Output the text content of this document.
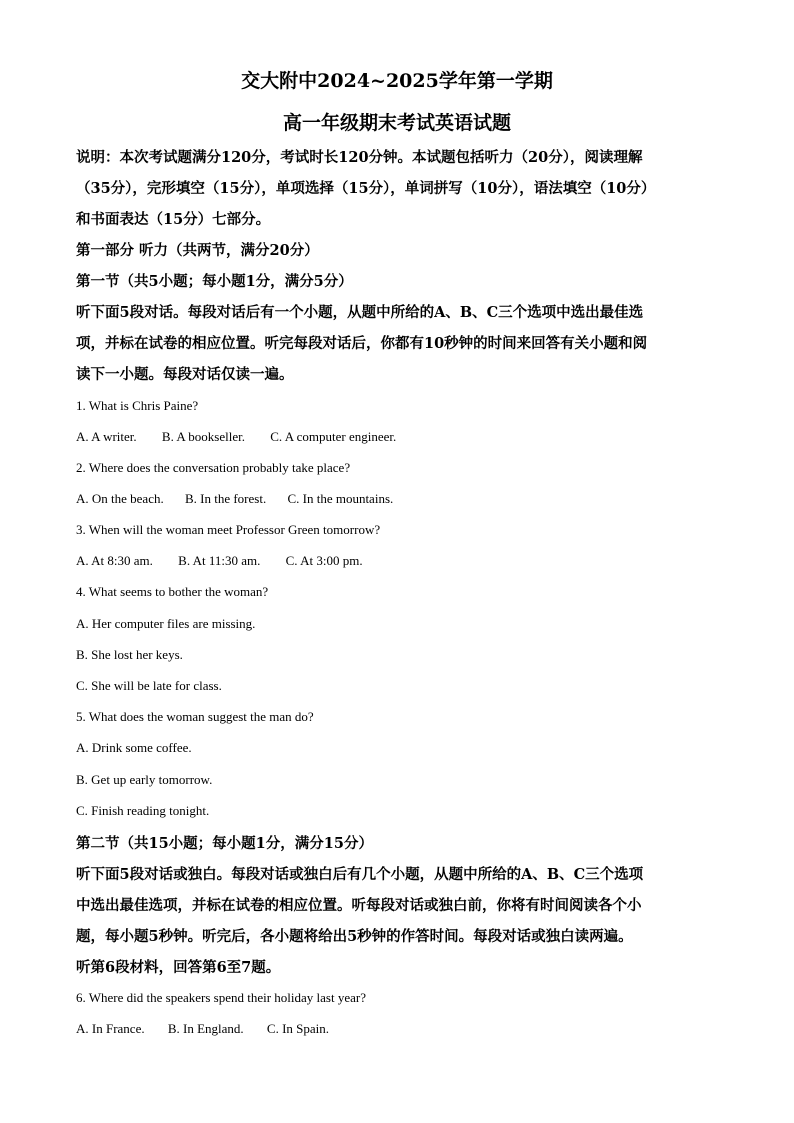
交大附中2024~2025学年第一学期
高一年级期末考试英语试题
说明：本次考试题满分120分，考试时长120分钟。本试题包括听力（20分），阅读理解
（35分），完形填空（15分），单项选择（15分），单词拼写（10分），语法填空（10分）
和书面表达（15分）七部分。
第一部分 听力（共两节，满分20分）
第一节（共5小题；每小题1分，满分5分）
听下面5段对话。每段对话后有一个小题，从题中所给的A、B、C三个选项中选出最佳选
项，并标在试卷的相应位置。听完每段对话后，你都有10秒钟的时间来回答有关小题和阅
读下一小题。每段对话仅读一遍。
1. What is Chris Paine?
A. A writer. B. A bookseller. C. A computer engineer.
2. Where does the conversation probably take place?
A. On the beach. B. In the forest. C. In the mountains.
3. When will the woman meet Professor Green tomorrow?
A. At 8:30 am. B. At 11:30 am. C. At 3:00 pm.
4. What seems to bother the woman?
A. Her computer files are missing.
B. She lost her keys.
C. She will be late for class.
5. What does the woman suggest the man do?
A. Drink some coffee.
B. Get up early tomorrow.
C. Finish reading tonight.
第二节（共15小题；每小题1分，满分15分）
听下面5段对话或独白。每段对话或独白后有几个小题，从题中所给的A、B、C三个选项
中选出最佳选项，并标在试卷的相应位置。听每段对话或独白前，你将有时间阅读各个小
题，每小题5秒钟。听完后，各小题将给出5秒钟的作答时间。每段对话或独白读两遍。
听第6段材料，回答第6至7题。
6. Where did the speakers spend their holiday last year?
A. In France. B. In England. C. In Spain.
